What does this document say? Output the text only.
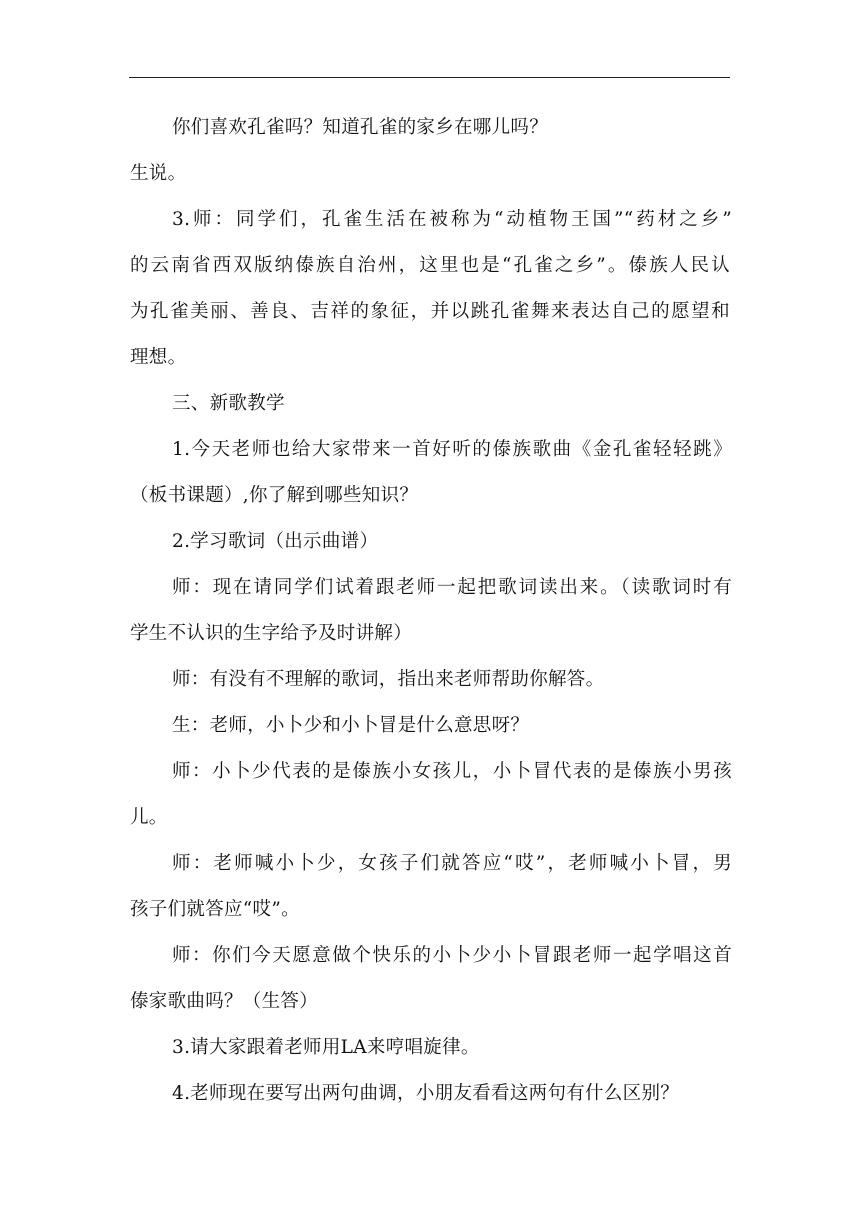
你们喜欢孔雀吗？知道孔雀的家乡在哪儿吗？
生说。
3.师：同学们，孔雀生活在被称为“动植物王国”“药材之乡”
的云南省西双版纳傣族自治州，这里也是“孔雀之乡”。傣族人民认
为孔雀美丽、善良、吉祥的象征，并以跳孔雀舞来表达自己的愿望和
理想。
三、新歌教学
1.今天老师也给大家带来一首好听的傣族歌曲《金孔雀轻轻跳》
（板书课题）,你了解到哪些知识？
2.学习歌词（出示曲谱）
师：现在请同学们试着跟老师一起把歌词读出来。（读歌词时有
学生不认识的生字给予及时讲解）
师：有没有不理解的歌词，指出来老师帮助你解答。
生：老师，小卜少和小卜冒是什么意思呀？
师：小卜少代表的是傣族小女孩儿，小卜冒代表的是傣族小男孩
儿。
师：老师喊小卜少，女孩子们就答应“哎”，老师喊小卜冒，男
孩子们就答应“哎”。
师：你们今天愿意做个快乐的小卜少小卜冒跟老师一起学唱这首
傣家歌曲吗？（生答）
3.请大家跟着老师用LA来哼唱旋律。
4.老师现在要写出两句曲调，小朋友看看这两句有什么区别？
